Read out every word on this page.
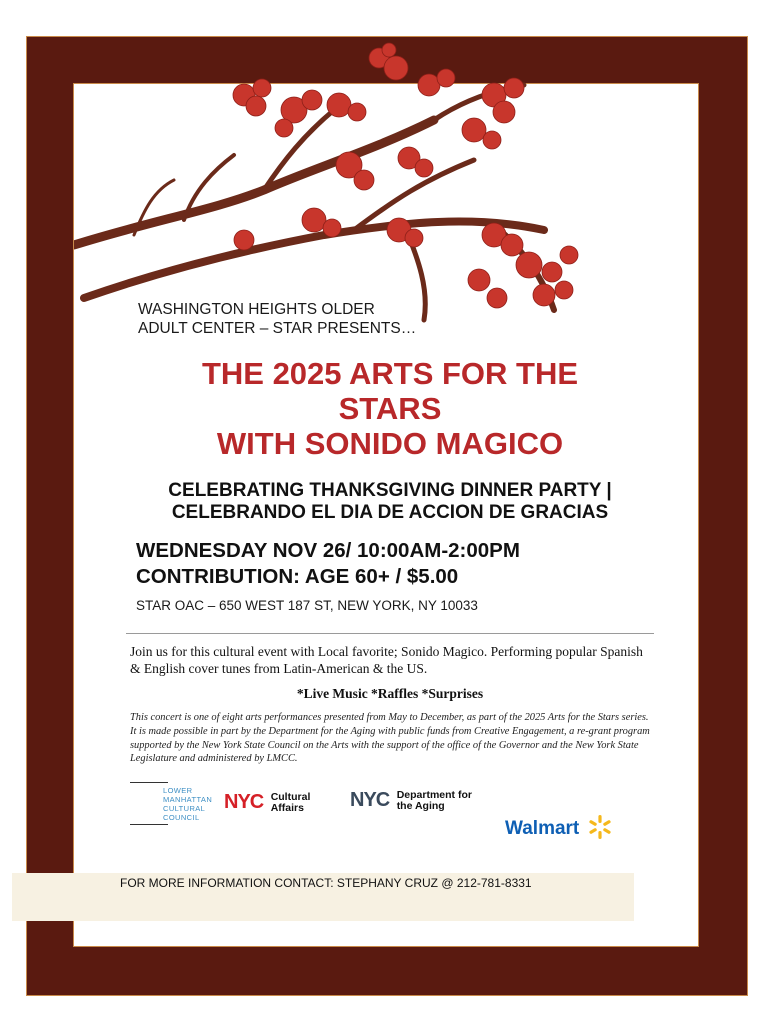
WASHINGTON HEIGHTS OLDER
ADULT CENTER – STAR PRESENTS…
THE 2025 ARTS FOR THE
STARS
WITH SONIDO MAGICO
CELEBRATING THANKSGIVING DINNER PARTY |
CELEBRANDO EL DIA DE ACCION DE GRACIAS
WEDNESDAY NOV 26/ 10:00AM-2:00PM
CONTRIBUTION: AGE 60+ / $5.00
STAR OAC – 650 WEST 187 ST, NEW YORK, NY 10033
Join us for this cultural event with Local favorite; Sonido Magico. Performing popular Spanish & English cover tunes from Latin-American & the US.
*Live Music *Raffles *Surprises
This concert is one of eight arts performances presented from May to December, as part of the 2025 Arts for the Stars series. It is made possible in part by the Department for the Aging with public funds from Creative Engagement, a re-grant program supported by the New York State Council on the Arts with the support of the office of the Governor and the New York State Legislature and administered by LMCC.
LOWER
MANHATTAN
CULTURAL
COUNCIL
NYC Cultural
Affairs	NYC Department for
the Aging
Walmart
FOR MORE INFORMATION CONTACT: STEPHANY CRUZ @ 212-781-8331
